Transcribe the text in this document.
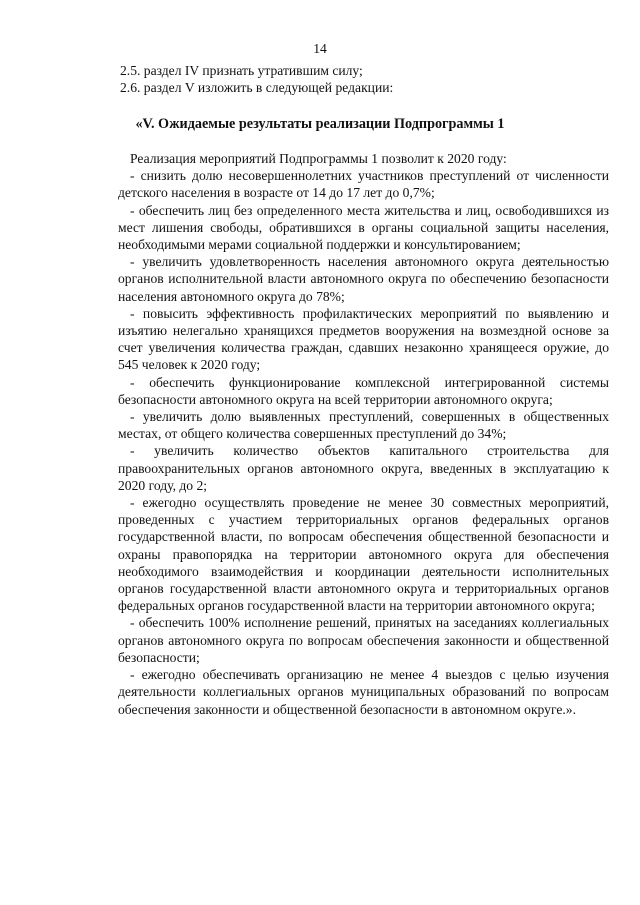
14

2.5. раздел IV признать утратившим силу;

2.6. раздел V изложить в следующей редакции:

«V. Ожидаемые результаты реализации Подпрограммы 1

Реализация мероприятий Подпрограммы 1 позволит к 2020 году:

- снизить долю несовершеннолетних участников преступлений от численности детского населения в возрасте от 14 до 17 лет до 0,7%;

- обеспечить лиц без определенного места жительства и лиц, освободившихся из мест лишения свободы, обратившихся в органы социальной защиты населения, необходимыми мерами социальной поддержки и консультированием;

- увеличить удовлетворенность населения автономного округа деятельностью органов исполнительной власти автономного округа по обеспечению безопасности населения автономного округа до 78%;

- повысить эффективность профилактических мероприятий по выявлению и изъятию нелегально хранящихся предметов вооружения на возмездной основе за счет увеличения количества граждан, сдавших незаконно хранящееся оружие, до 545 человек к 2020 году;

- обеспечить функционирование комплексной интегрированной системы безопасности автономного округа на всей территории автономного округа;

- увеличить долю выявленных преступлений, совершенных в общественных местах, от общего количества совершенных преступлений до 34%;

- увеличить количество объектов капитального строительства для правоохранительных органов автономного округа, введенных в эксплуатацию к 2020 году, до 2;

- ежегодно осуществлять проведение не менее 30 совместных мероприятий, проведенных с участием территориальных органов федеральных органов государственной власти, по вопросам обеспечения общественной безопасности и охраны правопорядка на территории автономного округа для обеспечения необходимого взаимодействия и координации деятельности исполнительных органов государственной власти автономного округа и территориальных органов федеральных органов государственной власти на территории автономного округа;

- обеспечить 100% исполнение решений, принятых на заседаниях коллегиальных органов автономного округа по вопросам обеспечения законности и общественной безопасности;

- ежегодно обеспечивать организацию не менее 4 выездов с целью изучения деятельности коллегиальных органов муниципальных образований по вопросам обеспечения законности и общественной безопасности в автономном округе.».
